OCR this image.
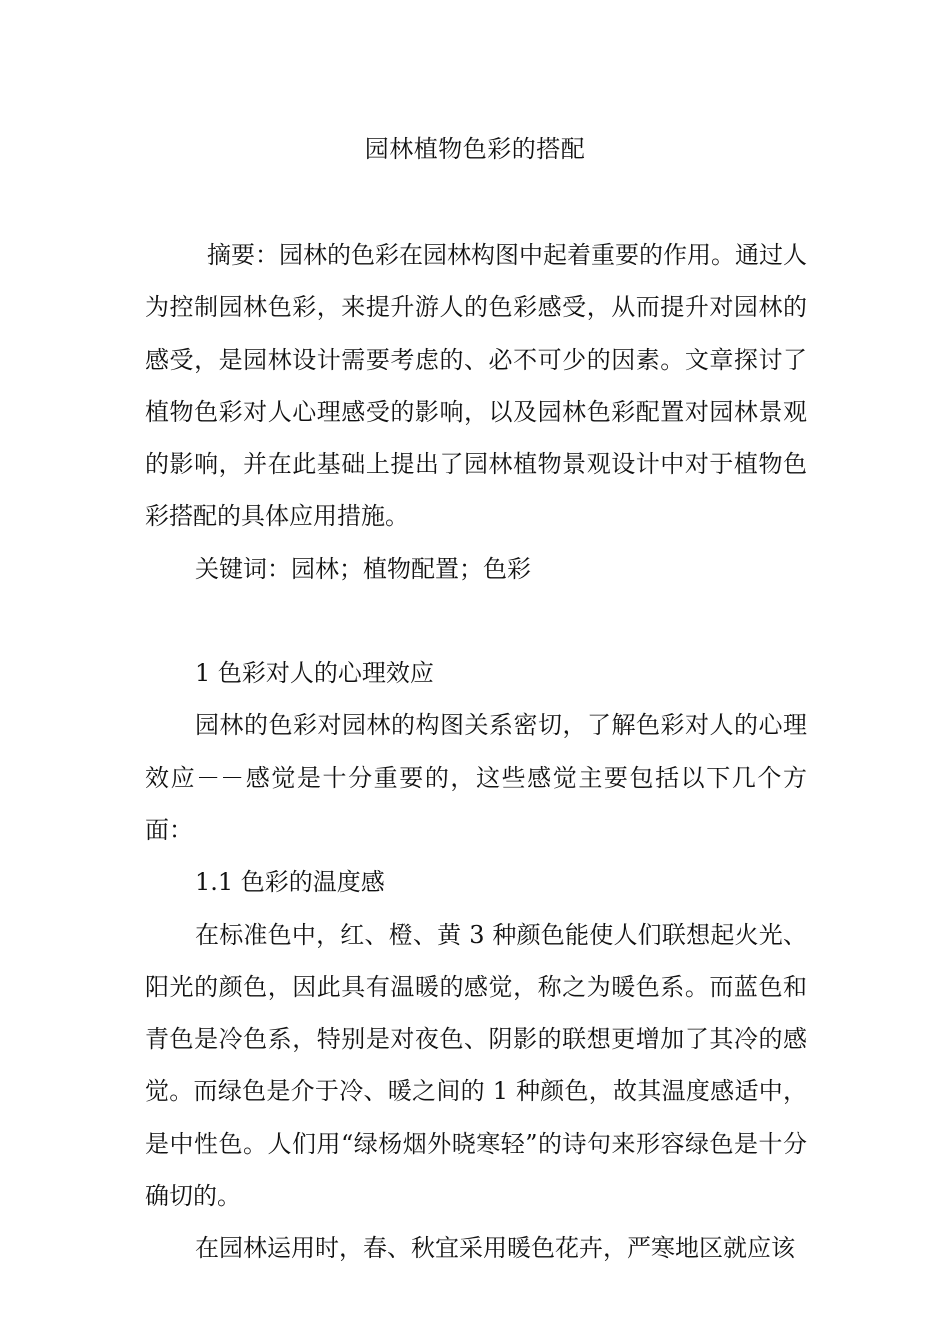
园林植物色彩的搭配

摘要：园林的色彩在园林构图中起着重要的作用。通过人为控制园林色彩，来提升游人的色彩感受，从而提升对园林的感受，是园林设计需要考虑的、必不可少的因素。文章探讨了植物色彩对人心理感受的影响，以及园林色彩配置对园林景观的影响，并在此基础上提出了园林植物景观设计中对于植物色彩搭配的具体应用措施。

关键词：园林；植物配置；色彩

1 色彩对人的心理效应

园林的色彩对园林的构图关系密切，了解色彩对人的心理效应－－感觉是十分重要的，这些感觉主要包括以下几个方面：

1.1 色彩的温度感

在标准色中，红、橙、黄 3 种颜色能使人们联想起火光、阳光的颜色，因此具有温暖的感觉，称之为暖色系。而蓝色和青色是冷色系，特别是对夜色、阴影的联想更增加了其冷的感觉。而绿色是介于冷、暖之间的 1 种颜色，故其温度感适中，是中性色。人们用“绿杨烟外晓寒轻”的诗句来形容绿色是十分确切的。

在园林运用时，春、秋宜采用暖色花卉，严寒地区就应该
